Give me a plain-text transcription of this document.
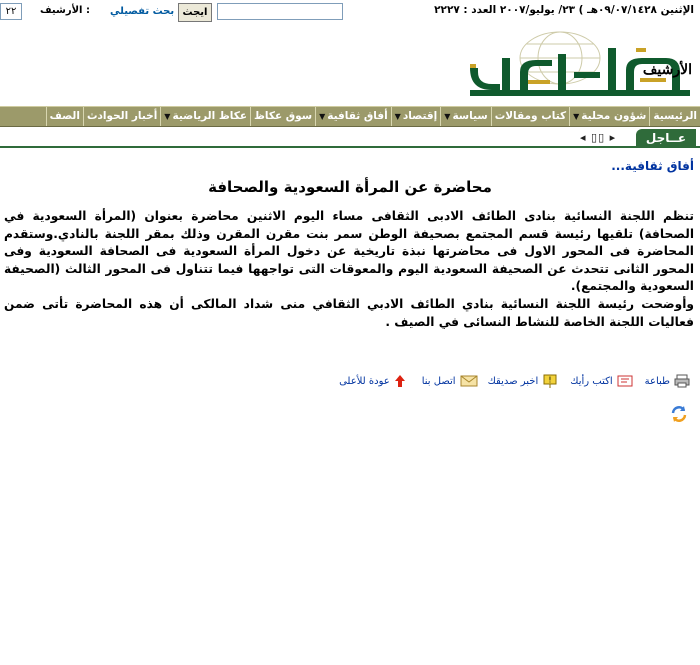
الإثنين ٠٩/٠٧/١٤٢٨هـ ) ٢٣/ يوليو/٢٠٠٧ العدد : ٢٢٢٧
ايجث
بحث تفصيلي
الأرشيف :
٢٢
الأرشيف
الرئيسية
شؤون محلية
▼
كتاب ومقالات
سياسة
▼
إقتصاد
▼
أفاق ثقافية
▼
سوق عكاظ
عكاظ الرياضية
▼
أخبار الحوادث
الصف
عــاجل
◂ ▯▯ ▸
أفاق ثقافية...
محاضرة عن المرأة السعودية والصحافة
تنظم اللجنة النسائية بنادى الطائف الادبى الثقافى مساء اليوم الاثنين محاضرة بعنوان (المرأة السعودية في الصحافة) تلقيها رئيسة قسم المجتمع بصحيفة الوطن سمر بنت مقرن المقرن وذلك بمقر اللجنة بالنادي.وستقدم المحاضرة فى المحور الاول فى محاضرتها نبذة تاريخية عن دخول المرأة السعودية فى الصحافة السعودية وفى المحور الثانى تتحدث عن الصحيفة السعودية اليوم والمعوقات التى تواجهها فيما تتناول فى المحور الثالث (الصحيفة السعودية والمجتمع).
وأوضحت رئيسة اللجنة النسائية بنادي الطائف الادبي الثقافي منى شداد المالكى أن هذه المحاضرة تأتى ضمن فعاليات اللجنة الخاصة للنشاط النسائى في الصيف .
طباعة
اكتب رأيك
!
اخبر صديقك
اتصل بنا
عودة للأعلى
